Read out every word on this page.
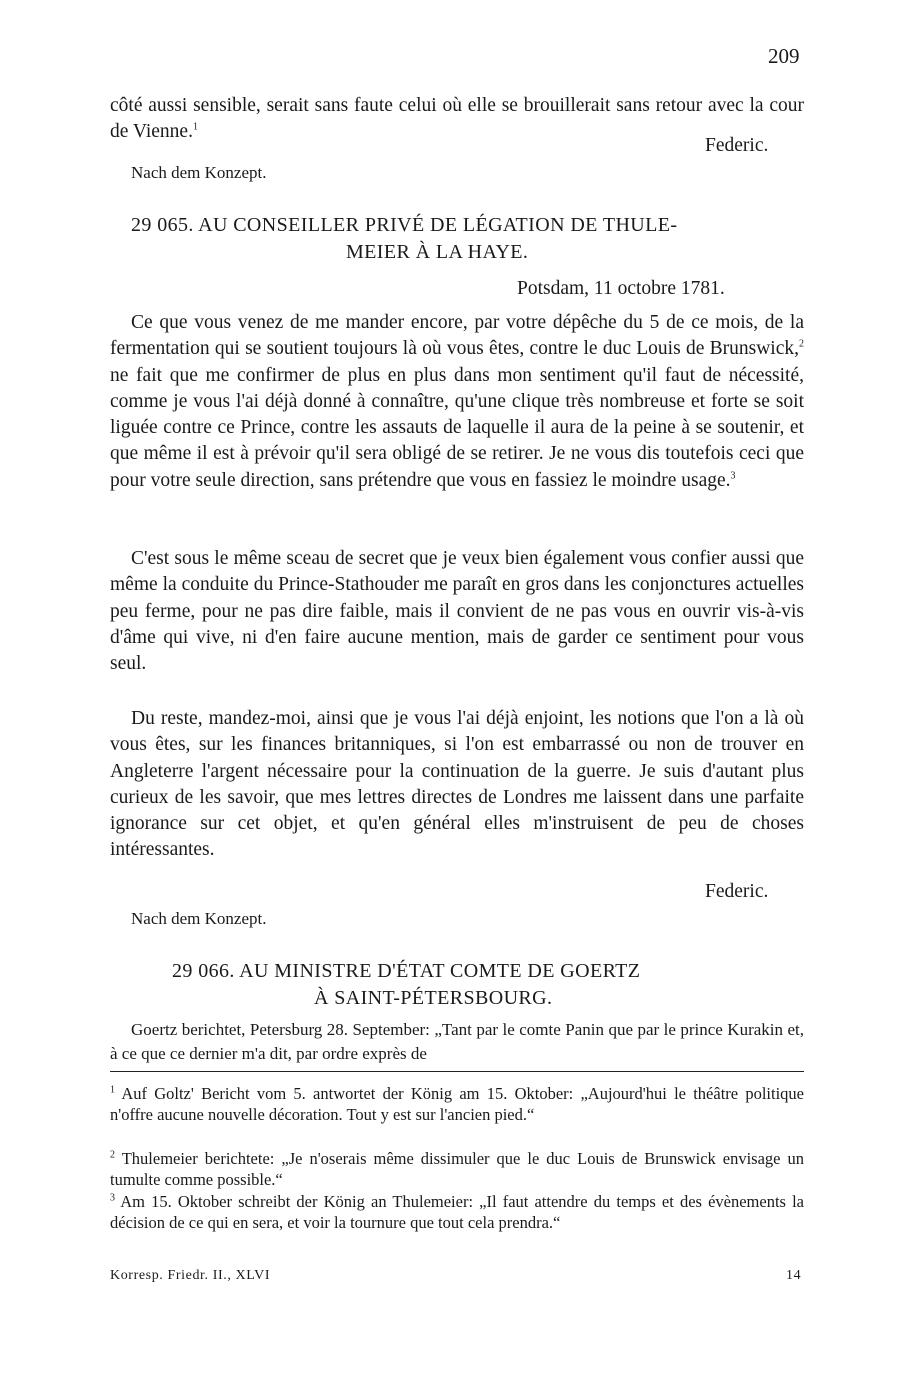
209

côté aussi sensible, serait sans faute celui où elle se brouillerait sans retour avec la cour de Vienne.$^1$

Federic.
Nach dem Konzept.
29 065. AU CONSEILLER PRIVÉ DE LÉGATION DE THULE-
MEIER À LA HAYE.
Potsdam, 11 octobre 1781.

Ce que vous venez de me mander encore, par votre dépêche du 5 de ce mois, de la fermentation qui se soutient toujours là où vous êtes, contre le duc Louis de Brunswick,$^2$ ne fait que me confirmer de plus en plus dans mon sentiment qu'il faut de nécessité, comme je vous l'ai déjà donné à connaître, qu'une clique très nombreuse et forte se soit liguée contre ce Prince, contre les assauts de laquelle il aura de la peine à se soutenir, et que même il est à prévoir qu'il sera obligé de se retirer. Je ne vous dis toutefois ceci que pour votre seule direction, sans prétendre que vous en fassiez le moindre usage.$^3$

C'est sous le même sceau de secret que je veux bien également vous confier aussi que même la conduite du Prince-Stathouder me paraît en gros dans les conjonctures actuelles peu ferme, pour ne pas dire faible, mais il convient de ne pas vous en ouvrir vis-à-vis d'âme qui vive, ni d'en faire aucune mention, mais de garder ce sentiment pour vous seul.

Du reste, mandez-moi, ainsi que je vous l'ai déjà enjoint, les notions que l'on a là où vous êtes, sur les finances britanniques, si l'on est embarrassé ou non de trouver en Angleterre l'argent nécessaire pour la continuation de la guerre. Je suis d'autant plus curieux de les savoir, que mes lettres directes de Londres me laissent dans une parfaite ignorance sur cet objet, et qu'en général elles m'instruisent de peu de choses intéressantes.

Federic.
Nach dem Konzept.
29 066. AU MINISTRE D'ÉTAT COMTE DE GOERTZ
À SAINT-PÉTERSBOURG.

Goertz berichtet, Petersburg 28. September: „Tant par le comte Panin que par le prince Kurakin et, à ce que ce dernier m'a dit, par ordre exprès de

$^1$ Auf Goltz' Bericht vom 5. antwortet der König am 15. Oktober: „Aujourd'hui le théâtre politique n'offre aucune nouvelle décoration. Tout y est sur l'ancien pied.“

$^2$ Thulemeier berichtete: „Je n'oserais même dissimuler que le duc Louis de Brunswick envisage un tumulte comme possible.“

$^3$ Am 15. Oktober schreibt der König an Thulemeier: „Il faut attendre du temps et des évènements la décision de ce qui en sera, et voir la tournure que tout cela prendra.“

Korresp. Friedr. II., XLVI	14
